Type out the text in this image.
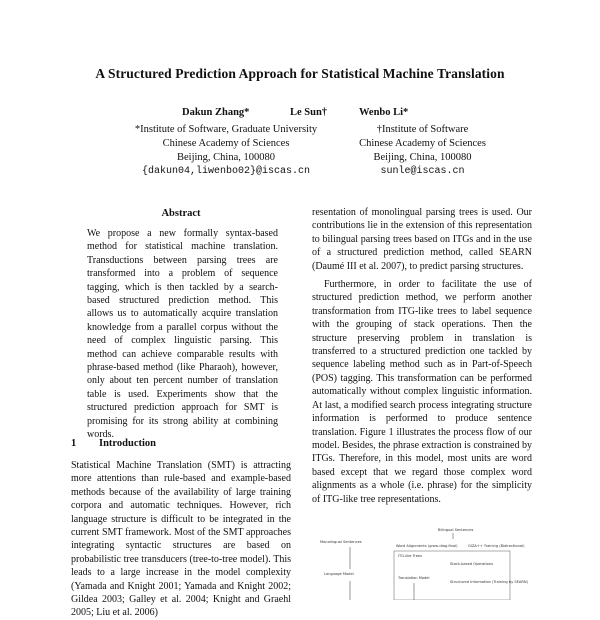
A Structured Prediction Approach for Statistical Machine Translation
Dakun Zhang*	Le Sun†	Wenbo Li*
*Institute of Software, Graduate University
Chinese Academy of Sciences
Beijing, China, 100080
{dakun04,liwenbo02}@iscas.cn
†Institute of Software
Chinese Academy of Sciences
Beijing, China, 100080
sunle@iscas.cn
Abstract
We propose a new formally syntax-based method for statistical machine translation. Transductions between parsing trees are transformed into a problem of sequence tagging, which is then tackled by a search-based structured prediction method. This allows us to automatically acquire translation knowledge from a parallel corpus without the need of complex linguistic parsing. This method can achieve comparable results with phrase-based method (like Pharaoh), however, only about ten percent number of translation table is used. Experiments show that the structured prediction approach for SMT is promising for its strong ability at combining words.
1 Introduction
Statistical Machine Translation (SMT) is attracting more attentions than rule-based and example-based methods because of the availability of large training corpora and automatic techniques. However, rich language structure is difficult to be integrated in the current SMT framework. Most of the SMT approaches integrating syntactic structures are based on probabilistic tree transducers (tree-to-tree model). This leads to a large increase in the model complexity (Yamada and Knight 2001; Yamada and Knight 2002; Gildea 2003; Galley et al. 2004; Knight and Graehl 2005; Liu et al. 2006)

resentation of monolingual parsing trees is used. Our contributions lie in the extension of this representation to bilingual parsing trees based on ITGs and in the use of a structured prediction method, called SEARN (Daumé III et al. 2007), to predict parsing structures.

Furthermore, in order to facilitate the use of structured prediction method, we perform another transformation from ITG-like trees to label sequence with the grouping of stack operations. Then the structure preserving problem in translation is transferred to a structured prediction one tackled by sequence labeling method such as in Part-of-Speech (POS) tagging. This transformation can be performed automatically without complex linguistic information. At last, a modified search process integrating structure information is performed to produce sentence translation. Figure 1 illustrates the process flow of our model. Besides, the phrase extraction is constrained by ITGs. Therefore, in this model, most units are word based except that we regard those complex word alignments as a whole (i.e. phrase) for the simplicity of ITG-like tree representations.

Bilingual Sentences
Word Alignments (grow-diag-final)	GIZA++ Training (Bidirectional)
Monolingual Sentences
ITG-like Trees
Stack-based Operations
Translation Model
Structured Information (Training by SEARN)
Language Model
